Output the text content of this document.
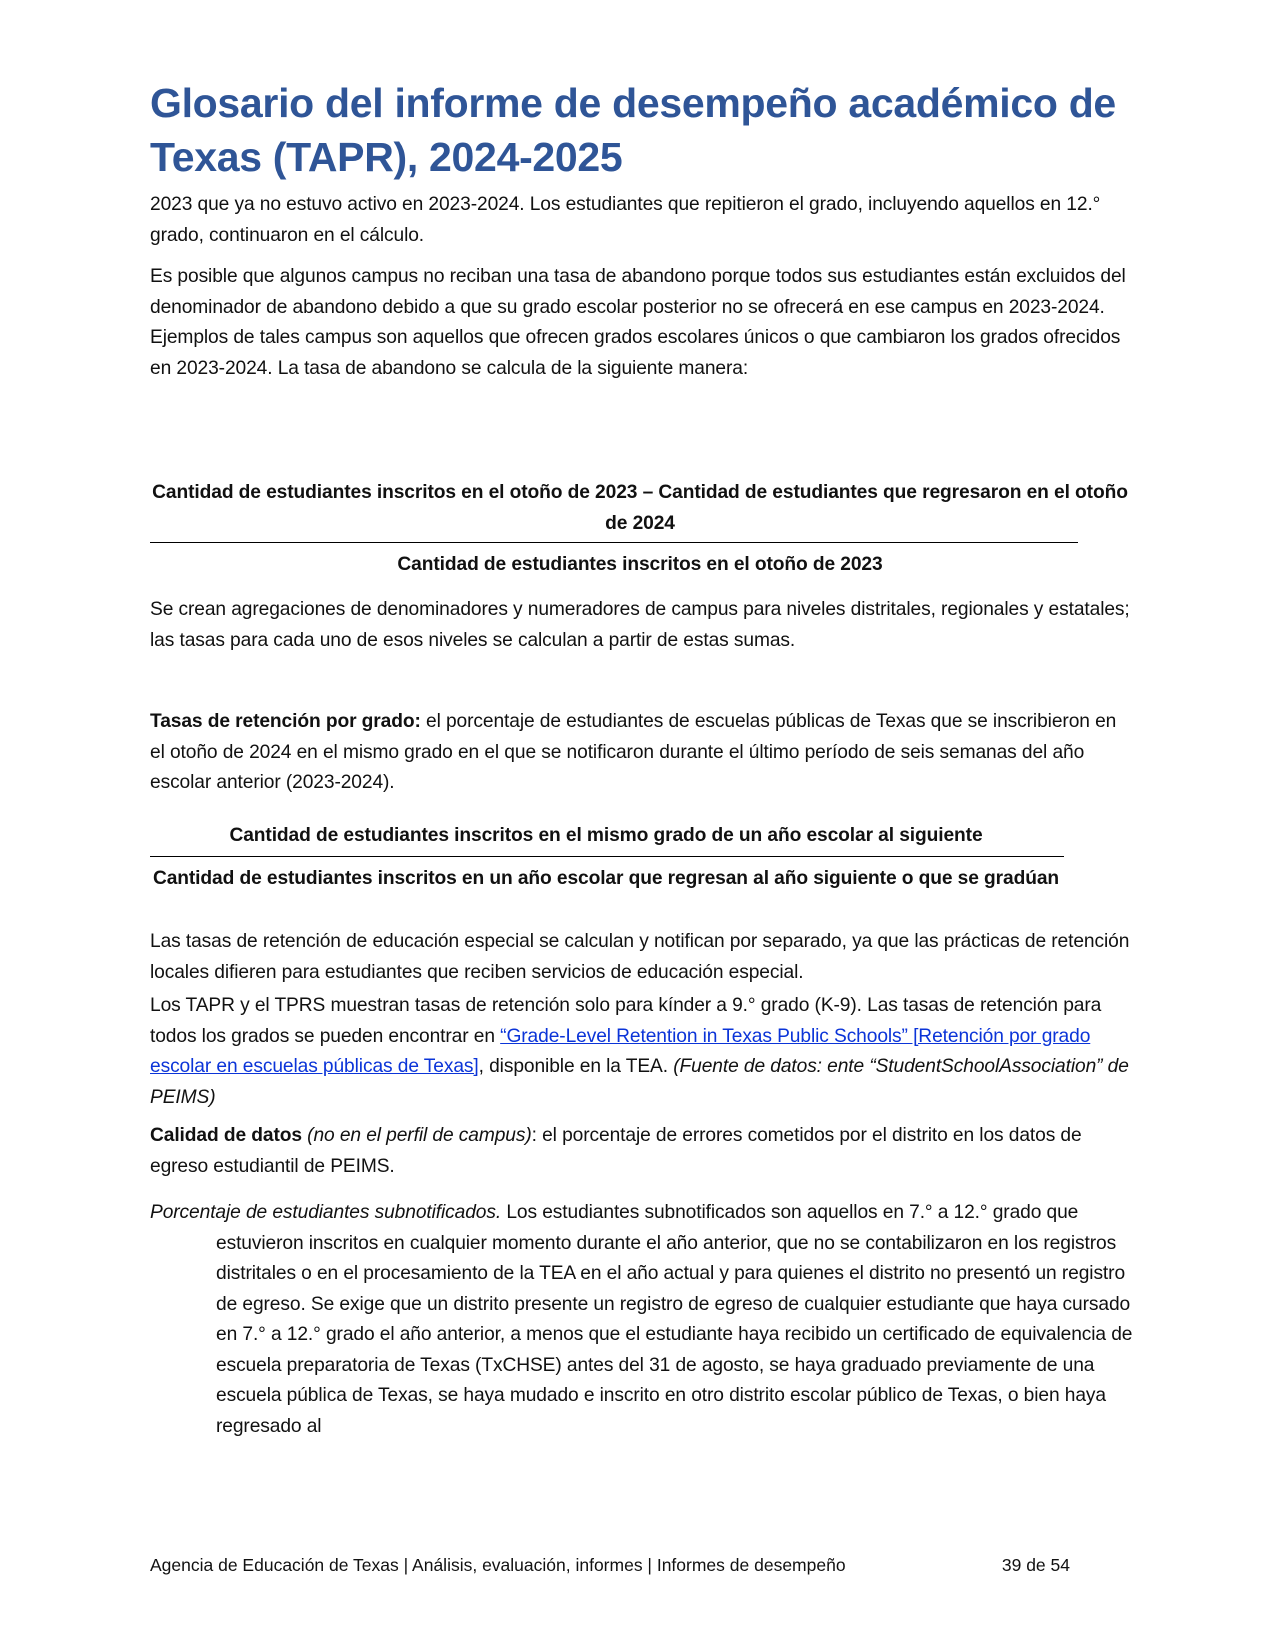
Glosario del informe de desempeño académico de Texas (TAPR), 2024-2025

2023 que ya no estuvo activo en 2023-2024. Los estudiantes que repitieron el grado, incluyendo aquellos en 12.° grado, continuaron en el cálculo.

Es posible que algunos campus no reciban una tasa de abandono porque todos sus estudiantes están excluidos del denominador de abandono debido a que su grado escolar posterior no se ofrecerá en ese campus en 2023-2024. Ejemplos de tales campus son aquellos que ofrecen grados escolares únicos o que cambiaron los grados ofrecidos en 2023-2024. La tasa de abandono se calcula de la siguiente manera:

Cantidad de estudiantes inscritos en el otoño de 2023 – Cantidad de estudiantes que regresaron en el otoño de 2024

Cantidad de estudiantes inscritos en el otoño de 2023

Se crean agregaciones de denominadores y numeradores de campus para niveles distritales, regionales y estatales; las tasas para cada uno de esos niveles se calculan a partir de estas sumas.

Tasas de retención por grado: el porcentaje de estudiantes de escuelas públicas de Texas que se inscribieron en el otoño de 2024 en el mismo grado en el que se notificaron durante el último período de seis semanas del año escolar anterior (2023-2024).

Cantidad de estudiantes inscritos en el mismo grado de un año escolar al siguiente

Cantidad de estudiantes inscritos en un año escolar que regresan al año siguiente o que se gradúan

Las tasas de retención de educación especial se calculan y notifican por separado, ya que las prácticas de retención locales difieren para estudiantes que reciben servicios de educación especial.

Los TAPR y el TPRS muestran tasas de retención solo para kínder a 9.° grado (K-9). Las tasas de retención para todos los grados se pueden encontrar en “Grade-Level Retention in Texas Public Schools” [Retención por grado escolar en escuelas públicas de Texas], disponible en la TEA. (Fuente de datos: ente “StudentSchoolAssociation” de PEIMS)

Calidad de datos (no en el perfil de campus): el porcentaje de errores cometidos por el distrito en los datos de egreso estudiantil de PEIMS.

Porcentaje de estudiantes subnotificados. Los estudiantes subnotificados son aquellos en 7.° a 12.° grado que estuvieron inscritos en cualquier momento durante el año anterior, que no se contabilizaron en los registros distritales o en el procesamiento de la TEA en el año actual y para quienes el distrito no presentó un registro de egreso. Se exige que un distrito presente un registro de egreso de cualquier estudiante que haya cursado en 7.° a 12.° grado el año anterior, a menos que el estudiante haya recibido un certificado de equivalencia de escuela preparatoria de Texas (TxCHSE) antes del 31 de agosto, se haya graduado previamente de una escuela pública de Texas, se haya mudado e inscrito en otro distrito escolar público de Texas, o bien haya regresado al

Agencia de Educación de Texas | Análisis, evaluación, informes | Informes de desempeño	39 de 54
